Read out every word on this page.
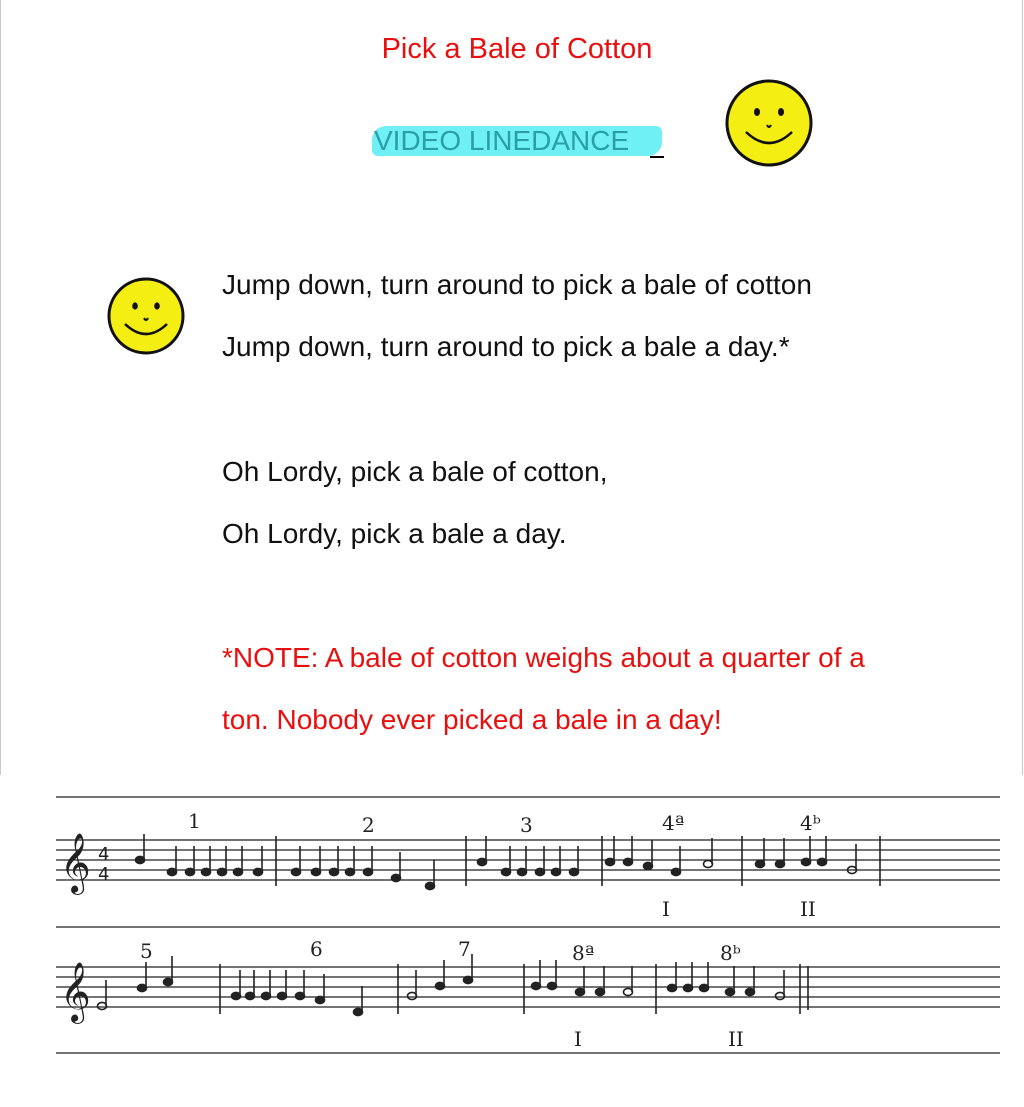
Pick a Bale of Cotton
VIDEO LINEDANCE
Jump down, turn around to pick a bale of cotton
Jump down, turn around to pick a bale a day.*
Oh Lordy, pick a bale of cotton,
Oh Lordy, pick a bale a day.
*NOTE: A bale of cotton weighs about a quarter of a
ton. Nobody ever picked a bale in a day!
𝄞
𝄞
4
4
1	2	3	4ª	4ᵇ
I	II
5	6	7	8ª	8ᵇ
I	II
